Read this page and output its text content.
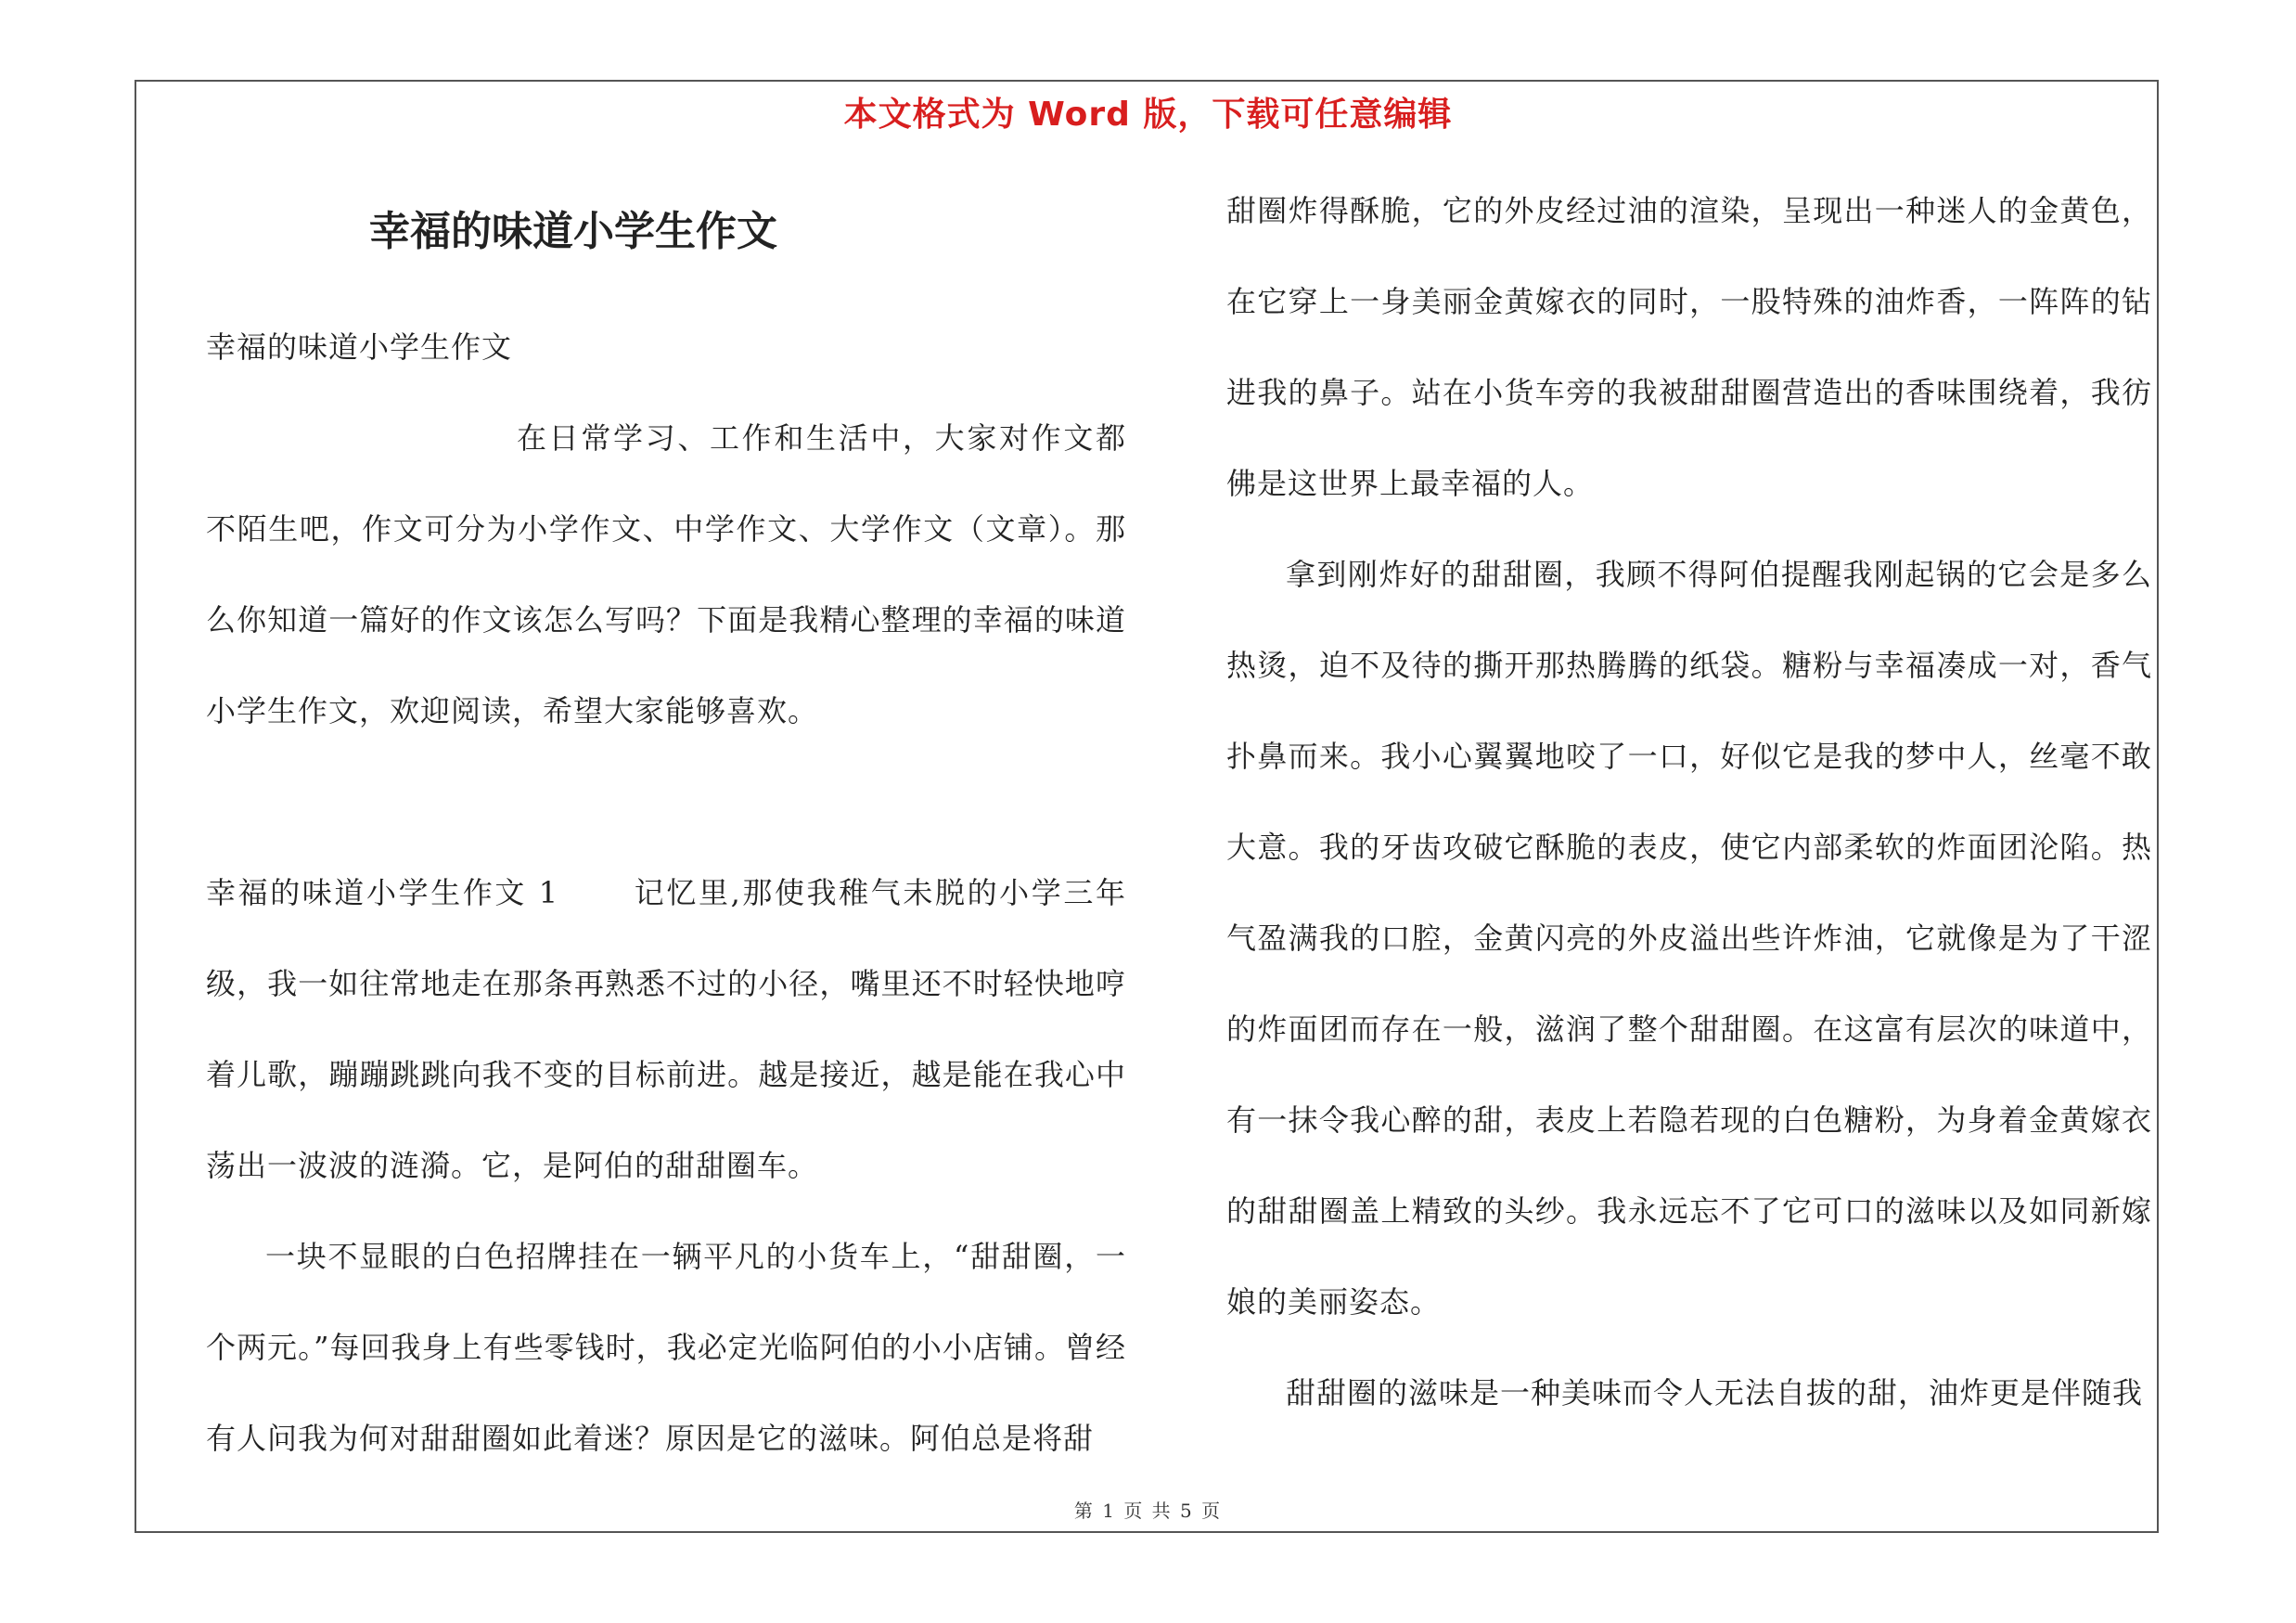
本文格式为 Word 版，下载可任意编辑
幸福的味道小学生作文

幸福的味道小学生作文

在日常学习、工作和生活中，大家对作文都不陌生吧，作文可分为小学作文、中学作文、大学作文（文章）。那么你知道一篇好的作文该怎么写吗？下面是我精心整理的幸福的味道小学生作文，欢迎阅读，希望大家能够喜欢。

幸福的味道小学生作文 1	记忆里,那使我稚气未脱的小学三年级，我一如往常地走在那条再熟悉不过的小径，嘴里还不时轻快地哼着儿歌，蹦蹦跳跳向我不变的目标前进。越是接近，越是能在我心中荡出一波波的涟漪。它，是阿伯的甜甜圈车。

一块不显眼的白色招牌挂在一辆平凡的小货车上，“甜甜圈，一个两元。”每回我身上有些零钱时，我必定光临阿伯的小小店铺。曾经有人问我为何对甜甜圈如此着迷？原因是它的滋味。阿伯总是将甜

甜圈炸得酥脆，它的外皮经过油的渲染，呈现出一种迷人的金黄色，在它穿上一身美丽金黄嫁衣的同时，一股特殊的油炸香，一阵阵的钻进我的鼻子。站在小货车旁的我被甜甜圈营造出的香味围绕着，我彷佛是这世界上最幸福的人。

拿到刚炸好的甜甜圈，我顾不得阿伯提醒我刚起锅的它会是多么热烫，迫不及待的撕开那热腾腾的纸袋。糖粉与幸福凑成一对，香气扑鼻而来。我小心翼翼地咬了一口，好似它是我的梦中人，丝毫不敢大意。我的牙齿攻破它酥脆的表皮，使它内部柔软的炸面团沦陷。热气盈满我的口腔，金黄闪亮的外皮溢出些许炸油，它就像是为了干涩的炸面团而存在一般，滋润了整个甜甜圈。在这富有层次的味道中，有一抹令我心醉的甜，表皮上若隐若现的白色糖粉，为身着金黄嫁衣的甜甜圈盖上精致的头纱。我永远忘不了它可口的滋味以及如同新嫁娘的美丽姿态。

甜甜圈的滋味是一种美味而令人无法自拔的甜，油炸更是伴随我

第 1 页 共 5 页
